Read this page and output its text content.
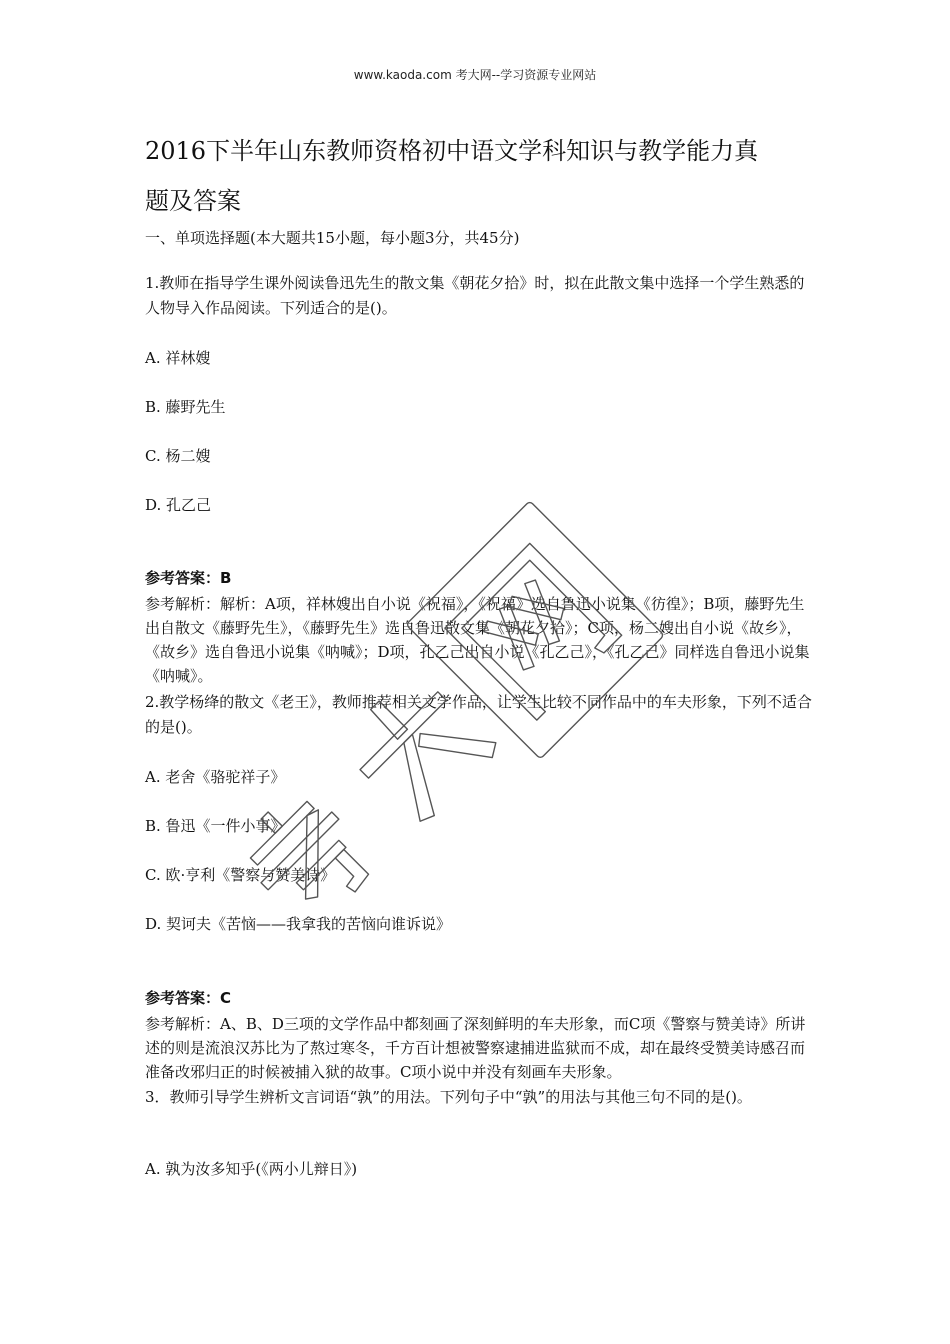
www.kaoda.com 考大网--学习资源专业网站
2016下半年山东教师资格初中语文学科知识与教学能力真
题及答案
一、单项选择题(本大题共15小题，每小题3分，共45分)
1.教师在指导学生课外阅读鲁迅先生的散文集《朝花夕拾》时，拟在此散文集中选择一个学生熟悉的人物导入作品阅读。下列适合的是()。
A. 祥林嫂
B. 藤野先生
C. 杨二嫂
D. 孔乙己
参考答案：B
参考解析：解析：A项，祥林嫂出自小说《祝福》，《祝福》选自鲁迅小说集《彷徨》；B项，藤野先生出自散文《藤野先生》，《藤野先生》选自鲁迅散文集《朝花夕拾》；C项，杨二嫂出自小说《故乡》，《故乡》选自鲁迅小说集《呐喊》；D项，孔乙己出自小说《孔乙己》，《孔乙己》同样选自鲁迅小说集《呐喊》。
2.教学杨绛的散文《老王》，教师推荐相关文学作品，让学生比较不同作品中的车夫形象，下列不适合的是()。
A. 老舍《骆驼祥子》
B. 鲁迅《一件小事》
C. 欧·亨利《警察与赞美诗》
D. 契诃夫《苦恼——我拿我的苦恼向谁诉说》
参考答案：C
参考解析：A、B、D三项的文学作品中都刻画了深刻鲜明的车夫形象，而C项《警察与赞美诗》所讲述的则是流浪汉苏比为了熬过寒冬，千方百计想被警察逮捕进监狱而不成，却在最终受赞美诗感召而准备改邪归正的时候被捕入狱的故事。C项小说中并没有刻画车夫形象。
3．教师引导学生辨析文言词语“孰”的用法。下列句子中“孰”的用法与其他三句不同的是()。
A. 孰为汝多知乎(《两小儿辩日》)
